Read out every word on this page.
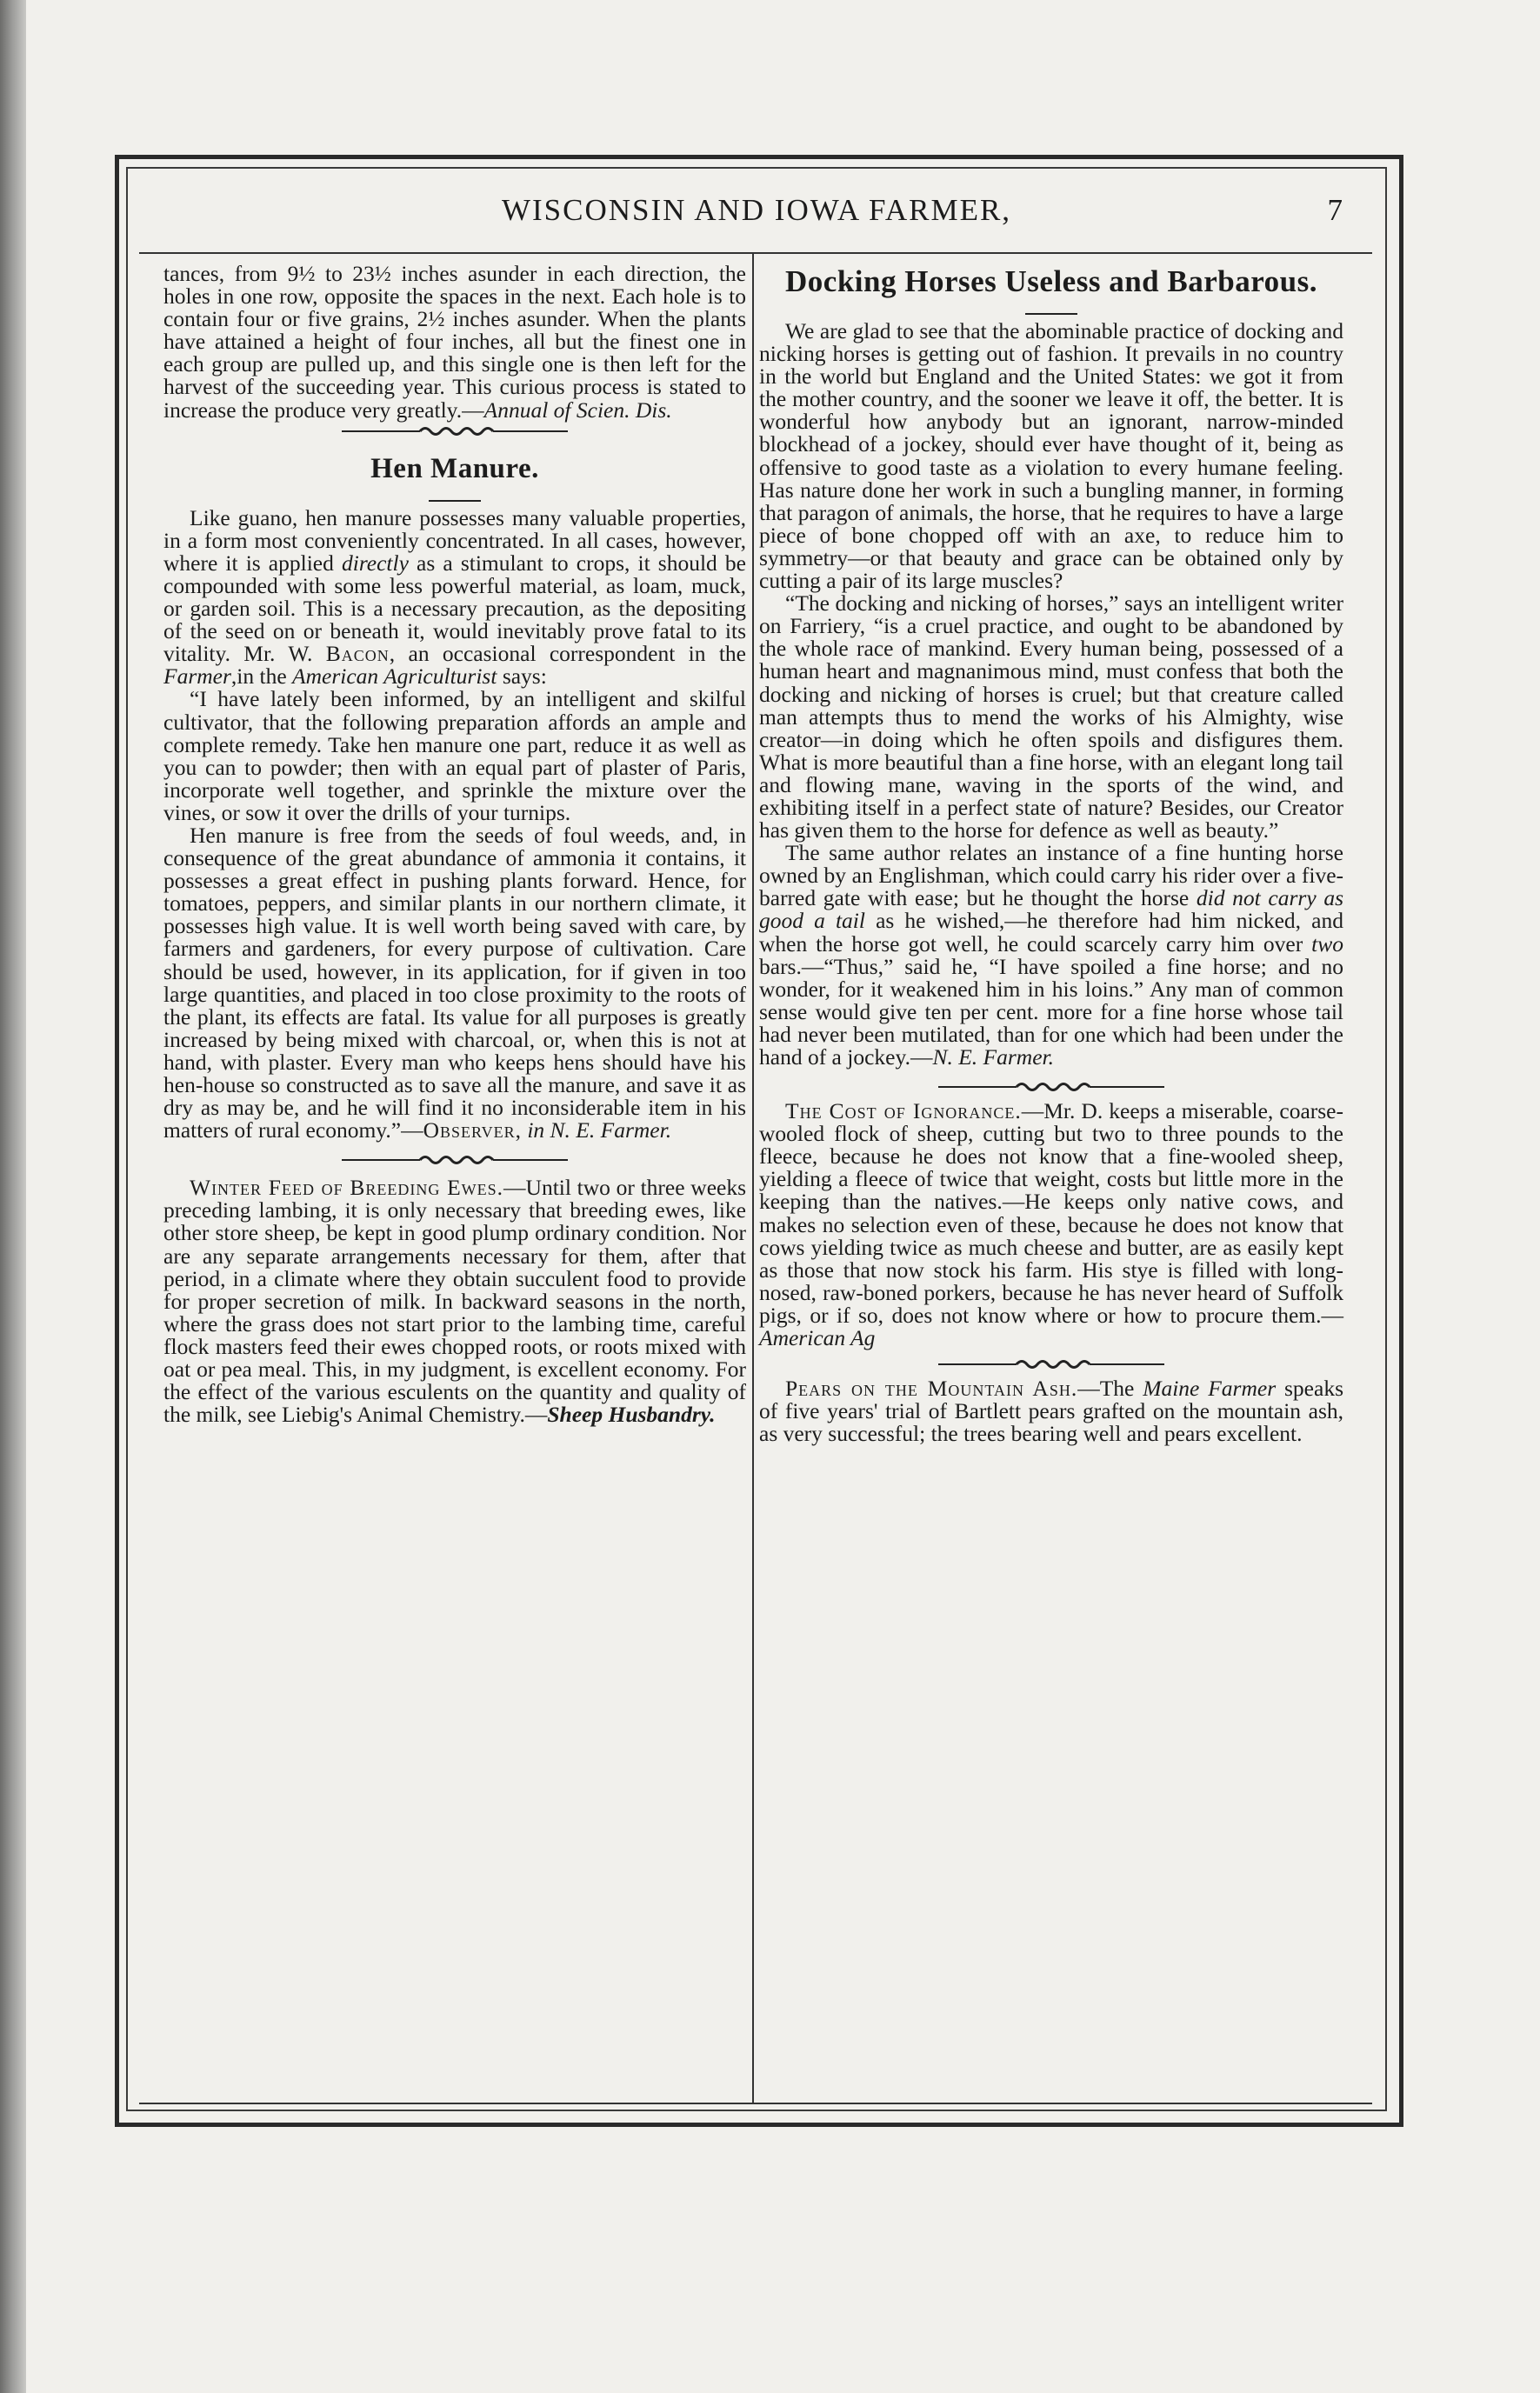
WISCONSIN AND IOWA FARMER,	7

tances, from 9½ to 23½ inches asunder in each direction, the holes in one row, opposite the spaces in the next. Each hole is to contain four or five grains, 2½ inches asunder. When the plants have attained a height of four inches, all but the finest one in each group are pulled up, and this single one is then left for the harvest of the succeeding year. This curious process is stated to increase the produce very greatly.—Annual of Scien. Dis.

Hen Manure.

Like guano, hen manure possesses many valuable properties, in a form most conveniently concentrated. In all cases, however, where it is applied directly as a stimulant to crops, it should be compounded with some less powerful material, as loam, muck, or garden soil. This is a necessary precaution, as the depositing of the seed on or beneath it, would inevitably prove fatal to its vitality. Mr. W. Bacon, an occasional correspondent in the Farmer,in the American Agriculturist says:

“I have lately been informed, by an intelligent and skilful cultivator, that the following preparation affords an ample and complete remedy. Take hen manure one part, reduce it as well as you can to powder; then with an equal part of plaster of Paris, incorporate well together, and sprinkle the mixture over the vines, or sow it over the drills of your turnips.

Hen manure is free from the seeds of foul weeds, and, in consequence of the great abundance of ammonia it contains, it possesses a great effect in pushing plants forward. Hence, for tomatoes, peppers, and similar plants in our northern climate, it possesses high value. It is well worth being saved with care, by farmers and gardeners, for every purpose of cultivation. Care should be used, however, in its application, for if given in too large quantities, and placed in too close proximity to the roots of the plant, its effects are fatal. Its value for all purposes is greatly increased by being mixed with charcoal, or, when this is not at hand, with plaster. Every man who keeps hens should have his hen-house so constructed as to save all the manure, and save it as dry as may be, and he will find it no inconsiderable item in his matters of rural economy.”—Observer, in N. E. Farmer.

Winter Feed of Breeding Ewes.—Until two or three weeks preceding lambing, it is only necessary that breeding ewes, like other store sheep, be kept in good plump ordinary condition. Nor are any separate arrangements necessary for them, after that period, in a climate where they obtain succulent food to provide for proper secretion of milk. In backward seasons in the north, where the grass does not start prior to the lambing time, careful flock masters feed their ewes chopped roots, or roots mixed with oat or pea meal. This, in my judgment, is excellent economy. For the effect of the various esculents on the quantity and quality of the milk, see Liebig's Animal Chemistry.—Sheep Husbandry.

Docking Horses Useless and Barbarous.

We are glad to see that the abominable practice of docking and nicking horses is getting out of fashion. It prevails in no country in the world but England and the United States: we got it from the mother country, and the sooner we leave it off, the better. It is wonderful how anybody but an ignorant, narrow-minded blockhead of a jockey, should ever have thought of it, being as offensive to good taste as a violation to every humane feeling. Has nature done her work in such a bungling manner, in forming that paragon of animals, the horse, that he requires to have a large piece of bone chopped off with an axe, to reduce him to symmetry—or that beauty and grace can be obtained only by cutting a pair of its large muscles?

“The docking and nicking of horses,” says an intelligent writer on Farriery, “is a cruel practice, and ought to be abandoned by the whole race of mankind. Every human being, possessed of a human heart and magnanimous mind, must confess that both the docking and nicking of horses is cruel; but that creature called man attempts thus to mend the works of his Almighty, wise creator—in doing which he often spoils and disfigures them. What is more beautiful than a fine horse, with an elegant long tail and flowing mane, waving in the sports of the wind, and exhibiting itself in a perfect state of nature? Besides, our Creator has given them to the horse for defence as well as beauty.”

The same author relates an instance of a fine hunting horse owned by an Englishman, which could carry his rider over a five-barred gate with ease; but he thought the horse did not carry as good a tail as he wished,—he therefore had him nicked, and when the horse got well, he could scarcely carry him over two bars.—“Thus,” said he, “I have spoiled a fine horse; and no wonder, for it weakened him in his loins.” Any man of common sense would give ten per cent. more for a fine horse whose tail had never been mutilated, than for one which had been under the hand of a jockey.—N. E. Farmer.

The Cost of Ignorance.—Mr. D. keeps a miserable, coarse-wooled flock of sheep, cutting but two to three pounds to the fleece, because he does not know that a fine-wooled sheep, yielding a fleece of twice that weight, costs but little more in the keeping than the natives.—He keeps only native cows, and makes no selection even of these, because he does not know that cows yielding twice as much cheese and butter, are as easily kept as those that now stock his farm. His stye is filled with long-nosed, raw-boned porkers, because he has never heard of Suffolk pigs, or if so, does not know where or how to procure them.—American Ag

Pears on the Mountain Ash.—The Maine Farmer speaks of five years' trial of Bartlett pears grafted on the mountain ash, as very successful; the trees bearing well and pears excellent.
